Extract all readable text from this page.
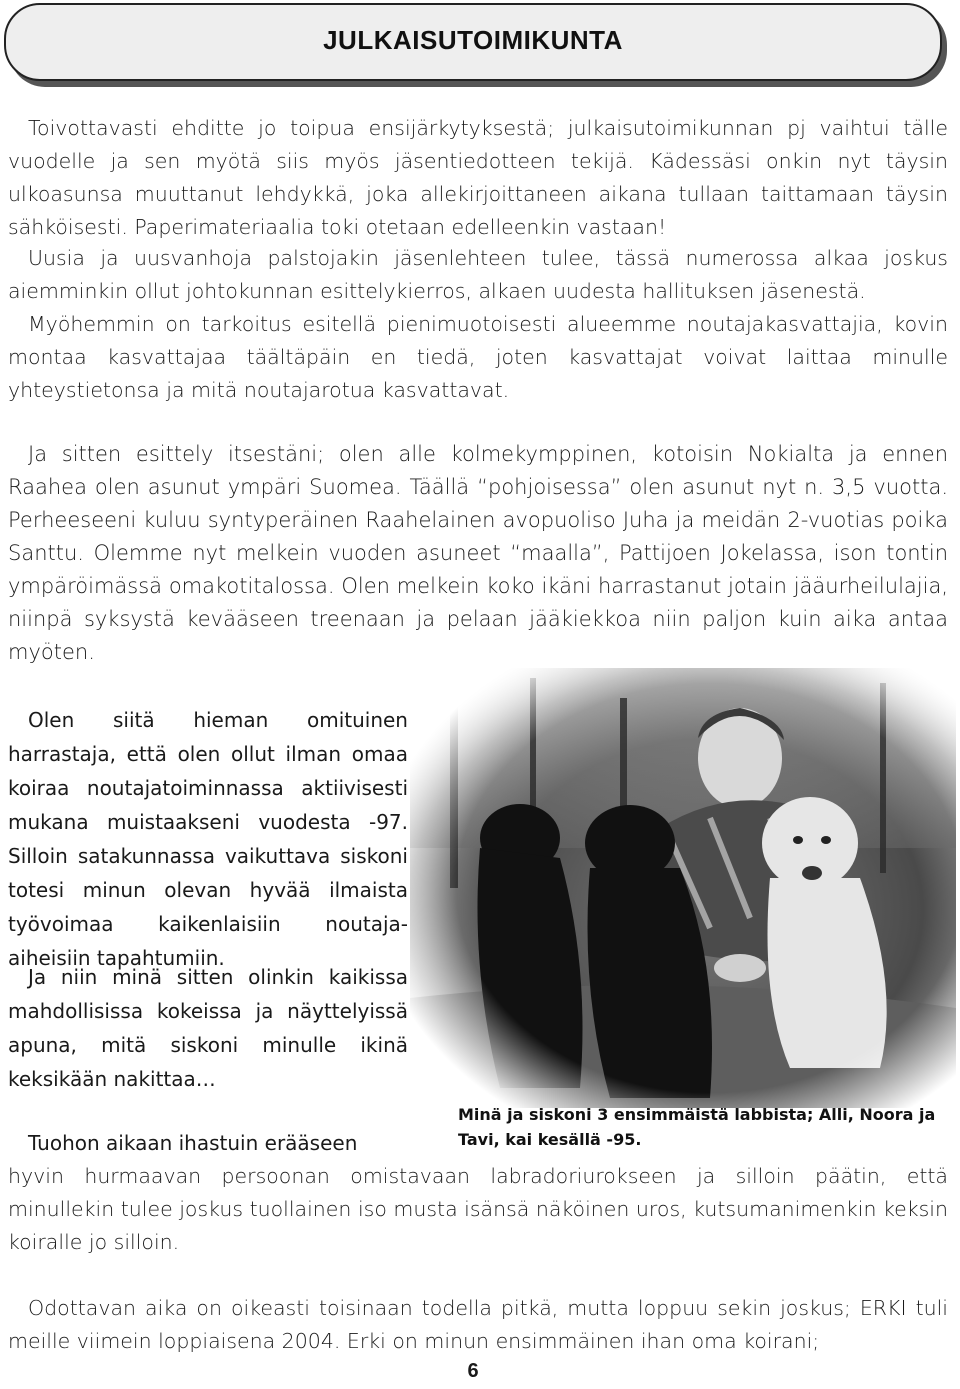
JULKAISUTOIMIKUNTA

Toivottavasti ehditte jo toipua ensijärkytyksestä; julkaisutoimikunnan pj vaihtui tälle vuodelle ja sen myötä siis myös jäsentiedotteen tekijä. Kädessäsi onkin nyt täysin ulkoasunsa muuttanut lehdykkä, joka allekirjoittaneen aikana tullaan taittamaan täysin sähköisesti. Paperimateriaalia toki otetaan edelleenkin vastaan!

Uusia ja uusvanhoja palstojakin jäsenlehteen tulee, tässä numerossa alkaa joskus aiemminkin ollut johtokunnan esittelykierros, alkaen uudesta hallituksen jäsenestä.

Myöhemmin on tarkoitus esitellä pienimuotoisesti alueemme noutajakasvattajia, kovin montaa kasvattajaa täältäpäin en tiedä, joten kasvattajat voivat laittaa minulle yhteystietonsa ja mitä noutajarotua kasvattavat.

Ja sitten esittely itsestäni; olen alle kolmekymppinen, kotoisin Nokialta ja ennen Raahea olen asunut ympäri Suomea. Täällä “pohjoisessa” olen asunut nyt n. 3,5 vuotta. Perheeseeni kuluu syntyperäinen Raahelainen avopuoliso Juha ja meidän 2-vuotias poika Santtu. Olemme nyt melkein vuoden asuneet “maalla”, Pattijoen Jokelassa, ison tontin ympäröimässä omakotitalossa. Olen melkein koko ikäni harrastanut jotain jääurheilulajia, niinpä syksystä kevääseen treenaan ja pelaan jääkiekkoa niin paljon kuin aika antaa myöten.

Olen siitä hieman omituinen harrastaja, että olen ollut ilman omaa koiraa noutajatoiminnassa aktiivisesti mukana muistaakseni vuodesta -97. Silloin satakunnassa vaikuttava siskoni totesi minun olevan hyvää ilmaista työvoimaa kaikenlaisiin noutaja-aiheisiin tapahtumiin.

Ja niin minä sitten olinkin kaikissa mahdollisissa kokeissa ja näyttelyissä apuna, mitä siskoni minulle ikinä keksikään nakittaa…

Tuohon aikaan ihastuin erääseen

Minä ja siskoni 3 ensimmäistä labbista; Alli, Noora ja Tavi, kai kesällä -95.

hyvin hurmaavan persoonan omistavaan labradoriurokseen ja silloin päätin, että minullekin tulee joskus tuollainen iso musta isänsä näköinen uros, kutsumanimenkin keksin koiralle jo silloin.

Odottavan aika on oikeasti toisinaan todella pitkä, mutta loppuu sekin joskus; ERKI tuli meille viimein loppiaisena 2004. Erki on minun ensimmäinen ihan oma koirani;

6
